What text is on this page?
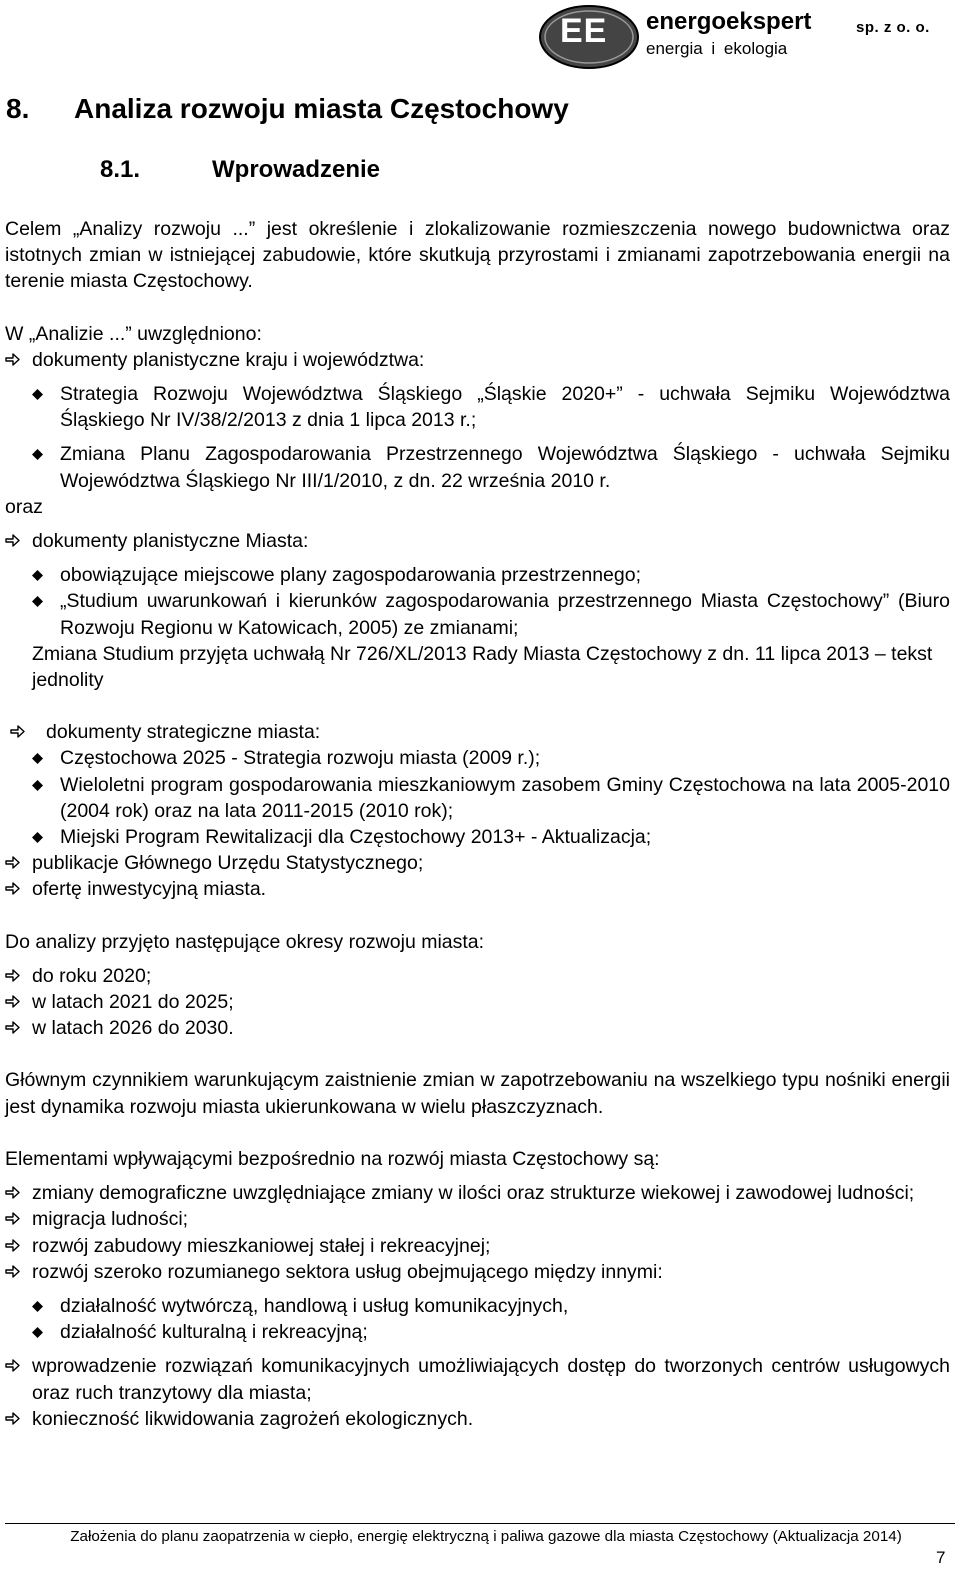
EE energoekspert
energia i ekologia
sp. z o. o.
8. Analiza rozwoju miasta Częstochowy
8.1.	Wprowadzenie

Celem „Analizy rozwoju ...” jest określenie i zlokalizowanie rozmieszczenia nowego budownictwa oraz istotnych zmian w istniejącej zabudowie, które skutkują przyrostami i zmianami zapotrzebowania energii na terenie miasta Częstochowy.

W „Analizie ...” uwzględniono:

dokumenty planistyczne kraju i województwa:
Strategia Rozwoju Województwa Śląskiego „Śląskie 2020+” - uchwała Sejmiku Województwa Śląskiego Nr IV/38/2/2013 z dnia 1 lipca 2013 r.;
Zmiana Planu Zagospodarowania Przestrzennego Województwa Śląskiego - uchwała Sejmiku Województwa Śląskiego Nr III/1/2010, z dn. 22 września 2010 r.

oraz

dokumenty planistyczne Miasta:
obowiązujące miejscowe plany zagospodarowania przestrzennego;
„Studium uwarunkowań i kierunków zagospodarowania przestrzennego Miasta Częstochowy” (Biuro Rozwoju Regionu w Katowicach, 2005) ze zmianami;
Zmiana Studium przyjęta uchwałą Nr 726/XL/2013 Rady Miasta Częstochowy z dn. 11 lipca 2013 – tekst jednolity
dokumenty strategiczne miasta:
Częstochowa 2025 - Strategia rozwoju miasta (2009 r.);
Wieloletni program gospodarowania mieszkaniowym zasobem Gminy Częstochowa na lata 2005-2010 (2004 rok) oraz na lata 2011-2015 (2010 rok);
Miejski Program Rewitalizacji dla Częstochowy 2013+ - Aktualizacja;
publikacje Głównego Urzędu Statystycznego;
ofertę inwestycyjną miasta.

Do analizy przyjęto następujące okresy rozwoju miasta:

do roku 2020;
w latach 2021 do 2025;
w latach 2026 do 2030.

Głównym czynnikiem warunkującym zaistnienie zmian w zapotrzebowaniu na wszelkiego typu nośniki energii jest dynamika rozwoju miasta ukierunkowana w wielu płaszczyznach.

Elementami wpływającymi bezpośrednio na rozwój miasta Częstochowy są:

zmiany demograficzne uwzględniające zmiany w ilości oraz strukturze wiekowej i zawodowej ludności;
migracja ludności;
rozwój zabudowy mieszkaniowej stałej i rekreacyjnej;
rozwój szeroko rozumianego sektora usług obejmującego między innymi:
działalność wytwórczą, handlową i usług komunikacyjnych,
działalność kulturalną i rekreacyjną;
wprowadzenie rozwiązań komunikacyjnych umożliwiających dostęp do tworzonych centrów usługowych oraz ruch tranzytowy dla miasta;
konieczność likwidowania zagrożeń ekologicznych.
Założenia do planu zaopatrzenia w ciepło, energię elektryczną i paliwa gazowe dla miasta Częstochowy (Aktualizacja 2014)
7
